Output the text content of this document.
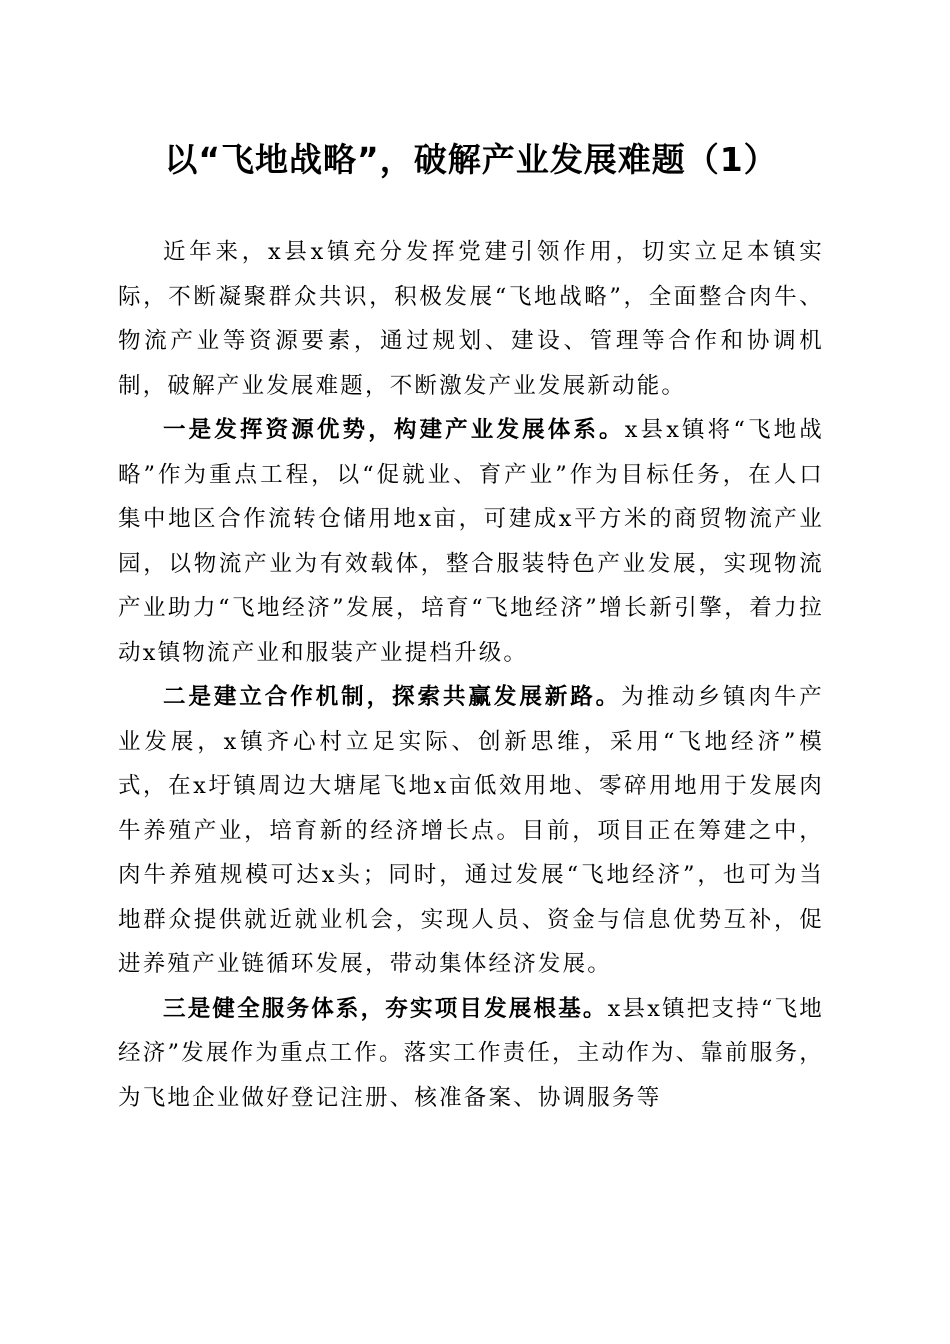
以“飞地战略”，破解产业发展难题（1）

近年来，x县x镇充分发挥党建引领作用，切实立足本镇实际，不断凝聚群众共识，积极发展“飞地战略”，全面整合肉牛、物流产业等资源要素，通过规划、建设、管理等合作和协调机制，破解产业发展难题，不断激发产业发展新动能。

一是发挥资源优势，构建产业发展体系。x县x镇将“飞地战略”作为重点工程，以“促就业、育产业”作为目标任务，在人口集中地区合作流转仓储用地x亩，可建成x平方米的商贸物流产业园，以物流产业为有效载体，整合服装特色产业发展，实现物流产业助力“飞地经济”发展，培育“飞地经济”增长新引擎，着力拉动x镇物流产业和服装产业提档升级。

二是建立合作机制，探索共赢发展新路。为推动乡镇肉牛产业发展，x镇齐心村立足实际、创新思维，采用“飞地经济”模式，在x圩镇周边大塘尾飞地x亩低效用地、零碎用地用于发展肉牛养殖产业，培育新的经济增长点。目前，项目正在筹建之中，肉牛养殖规模可达x头；同时，通过发展“飞地经济”，也可为当地群众提供就近就业机会，实现人员、资金与信息优势互补，促进养殖产业链循环发展，带动集体经济发展。

三是健全服务体系，夯实项目发展根基。x县x镇把支持“飞地经济”发展作为重点工作。落实工作责任，主动作为、靠前服务，为飞地企业做好登记注册、核准备案、协调服务等
